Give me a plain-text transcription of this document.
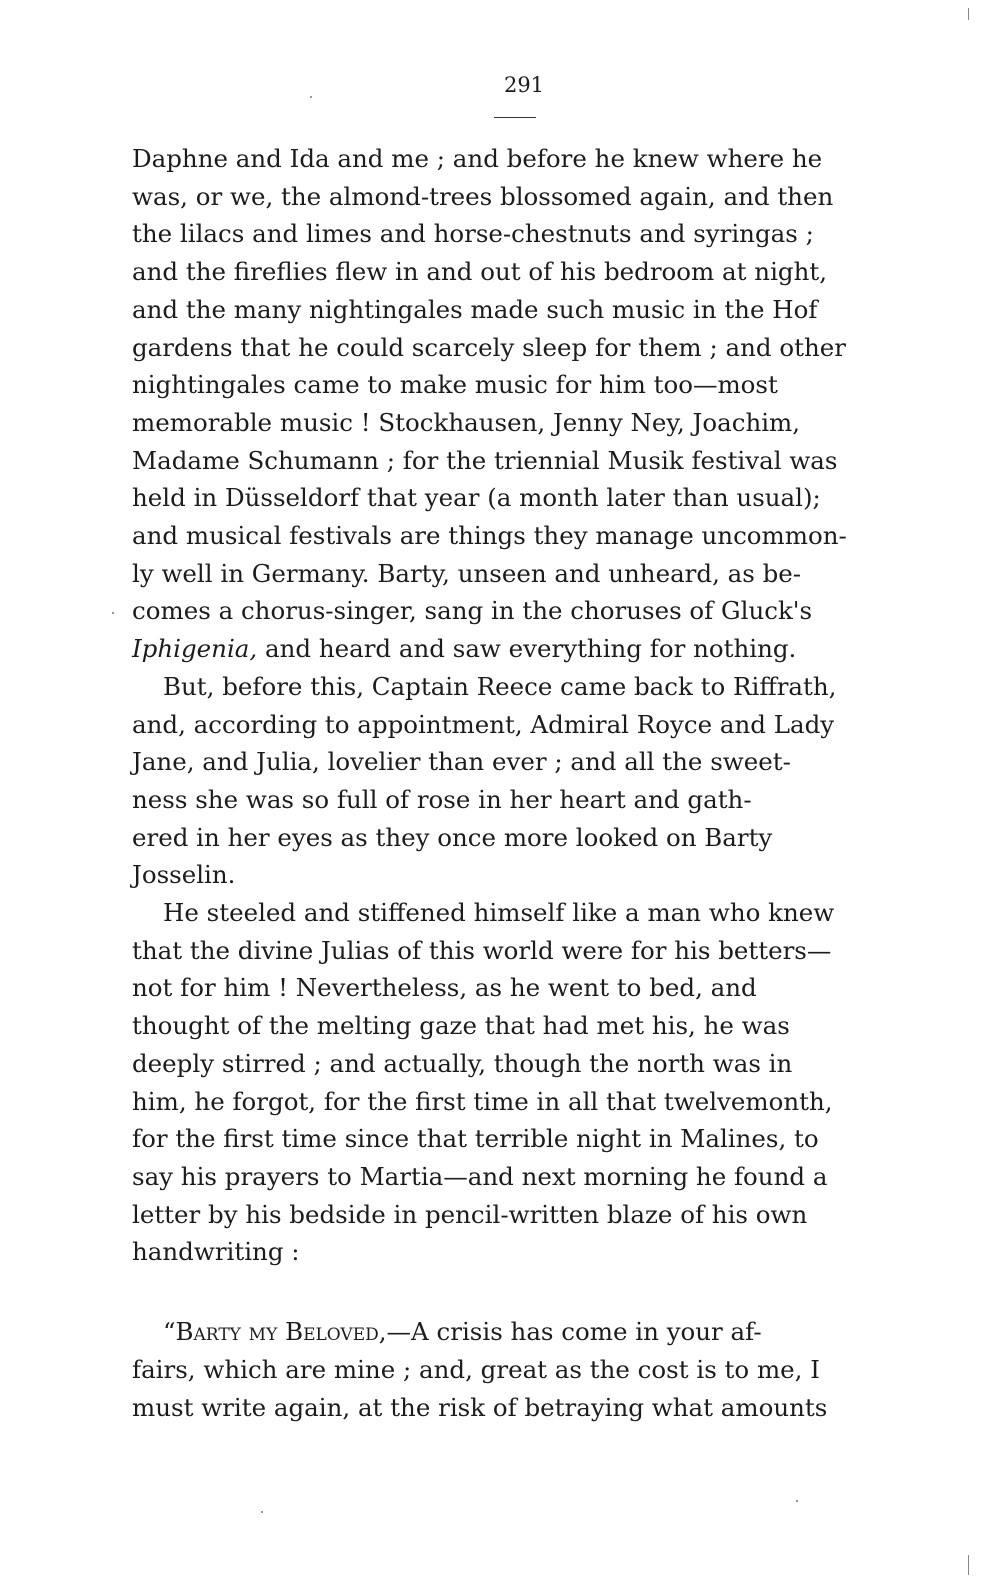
291

Daphne and Ida and me ; and before he knew where he
was, or we, the almond-trees blossomed again, and then
the lilacs and limes and horse-chestnuts and syringas ;
and the fireflies flew in and out of his bedroom at night,
and the many nightingales made such music in the Hof
gardens that he could scarcely sleep for them ; and other
nightingales came to make music for him too—most
memorable music ! Stockhausen, Jenny Ney, Joachim,
Madame Schumann ; for the triennial Musik festival was
held in Düsseldorf that year (a month later than usual);
and musical festivals are things they manage uncommon-
ly well in Germany. Barty, unseen and unheard, as be-
comes a chorus-singer, sang in the choruses of Gluck's
Iphigenia, and heard and saw everything for nothing.

But, before this, Captain Reece came back to Riffrath,
and, according to appointment, Admiral Royce and Lady
Jane, and Julia, lovelier than ever ; and all the sweet-
ness she was so full of rose in her heart and gath-
ered in her eyes as they once more looked on Barty
Josselin.

He steeled and stiffened himself like a man who knew
that the divine Julias of this world were for his betters—
not for him ! Nevertheless, as he went to bed, and
thought of the melting gaze that had met his, he was
deeply stirred ; and actually, though the north was in
him, he forgot, for the first time in all that twelvemonth,
for the first time since that terrible night in Malines, to
say his prayers to Martia—and next morning he found a
letter by his bedside in pencil-written blaze of his own
handwriting :

“Barty my Beloved,—A crisis has come in your af-
fairs, which are mine ; and, great as the cost is to me, I
must write again, at the risk of betraying what amounts
